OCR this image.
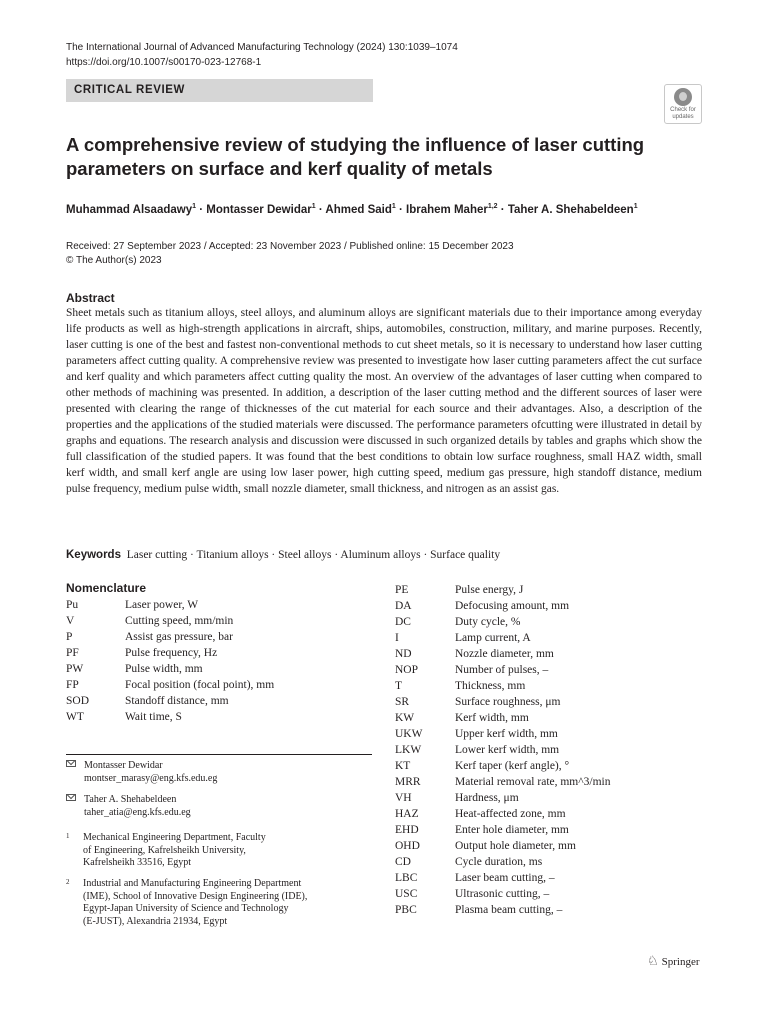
The International Journal of Advanced Manufacturing Technology (2024) 130:1039–1074
https://doi.org/10.1007/s00170-023-12768-1
CRITICAL REVIEW
Check for
updates
A comprehensive review of studying the influence of laser cutting parameters on surface and kerf quality of metals
Muhammad Alsaadawy$^1$ · Montasser Dewidar$^1$ · Ahmed Said$^1$ · Ibrahem Maher$^{1,2}$ · Taher A. Shehabeldeen$^1$
Received: 27 September 2023 / Accepted: 23 November 2023 / Published online: 15 December 2023
© The Author(s) 2023
Abstract
Sheet metals such as titanium alloys, steel alloys, and aluminum alloys are significant materials due to their importance among everyday life products as well as high-strength applications in aircraft, ships, automobiles, construction, military, and marine purposes. Recently, laser cutting is one of the best and fastest non-conventional methods to cut sheet metals, so it is necessary to understand how laser cutting parameters affect cutting quality. A comprehensive review was presented to investigate how laser cutting parameters affect the cut surface and kerf quality and which parameters affect cutting quality the most. An overview of the advantages of laser cutting when compared to other methods of machining was presented. In addition, a description of the laser cutting method and the different sources of laser were presented with clearing the range of thicknesses of the cut material for each source and their advantages. Also, a description of the properties and the applications of the studied materials were discussed. The performance parameters ofcutting were illustrated in detail by graphs and equations. The research analysis and discussion were discussed in such organized details by tables and graphs which show the full classification of the studied papers. It was found that the best conditions to obtain low surface roughness, small HAZ width, small kerf width, and small kerf angle are using low laser power, high cutting speed, medium gas pressure, high standoff distance, medium pulse frequency, medium pulse width, small nozzle diameter, small thickness, and nitrogen as an assist gas.
Keywords Laser cutting · Titanium alloys · Steel alloys · Aluminum alloys · Surface quality
Nomenclature
Pu	Laser power, W
V	Cutting speed, mm/min
P	Assist gas pressure, bar
PF	Pulse frequency, Hz
PW	Pulse width, mm
FP	Focal position (focal point), mm
SOD	Standoff distance, mm
WT	Wait time, S
PE	Pulse energy, J
DA	Defocusing amount, mm
DC	Duty cycle, %
I	Lamp current, A
ND	Nozzle diameter, mm
NOP	Number of pulses, –
T	Thickness, mm
SR	Surface roughness, μm
KW	Kerf width, mm
UKW	Upper kerf width, mm
LKW	Lower kerf width, mm
KT	Kerf taper (kerf angle), °
MRR	Material removal rate, mm^3/min
VH	Hardness, μm
HAZ	Heat-affected zone, mm
EHD	Enter hole diameter, mm
OHD	Output hole diameter, mm
CD	Cycle duration, ms
LBC	Laser beam cutting, –
USC	Ultrasonic cutting, –
PBC	Plasma beam cutting, –
Montasser Dewidar
montser_marasy@eng.kfs.edu.eg
Taher A. Shehabeldeen
taher_atia@eng.kfs.edu.eg
1 Mechanical Engineering Department, Faculty
of Engineering, Kafrelsheikh University,
Kafrelsheikh 33516, Egypt
2 Industrial and Manufacturing Engineering Department
(IME), School of Innovative Design Engineering (IDE),
Egypt-Japan University of Science and Technology
(E-JUST), Alexandria 21934, Egypt
♘ Springer
